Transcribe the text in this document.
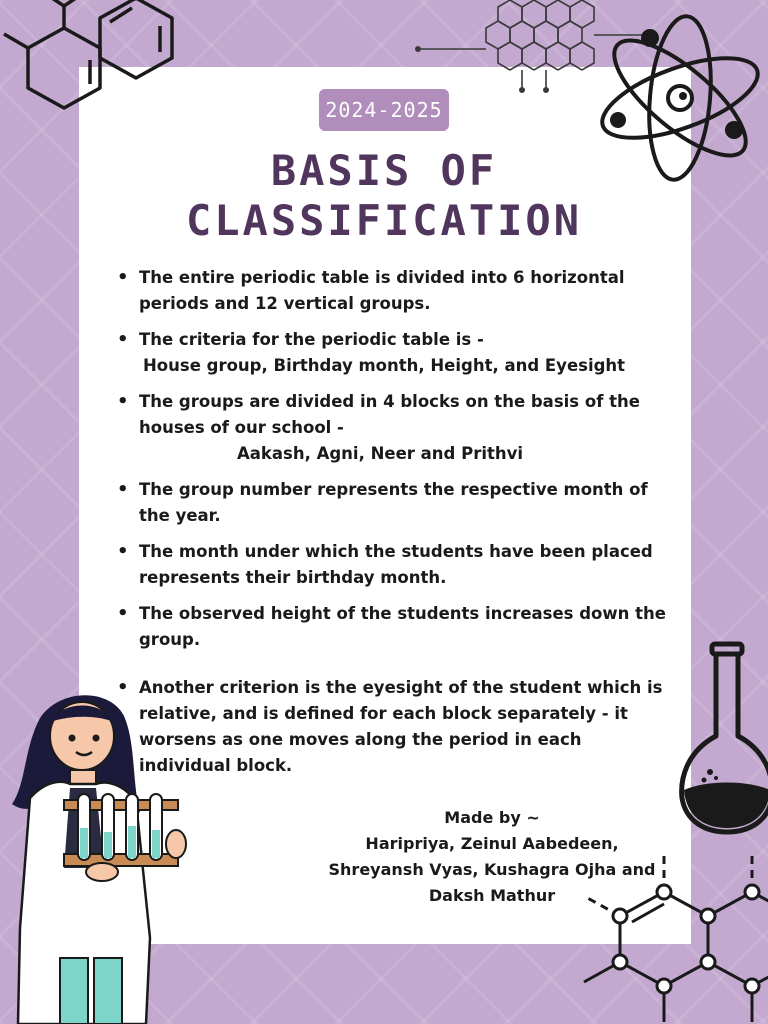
2024-2025
BASIS OF
CLASSIFICATION
• The entire periodic table is divided into 6 horizontal periods and 12 vertical groups.
• The criteria for the periodic table is -
House group, Birthday month, Height, and Eyesight
• The groups are divided in 4 blocks on the basis of the houses of our school -
Aakash, Agni, Neer and Prithvi
• The group number represents the respective month of the year.
• The month under which the students have been placed represents their birthday month.
• The observed height of the students increases down the group.
• Another criterion is the eyesight of the student which is relative, and is defined for each block separately - it worsens as one moves along the period in each individual block.
Made by ~
Haripriya, Zeinul Aabedeen,
Shreyansh Vyas, Kushagra Ojha and
Daksh Mathur
